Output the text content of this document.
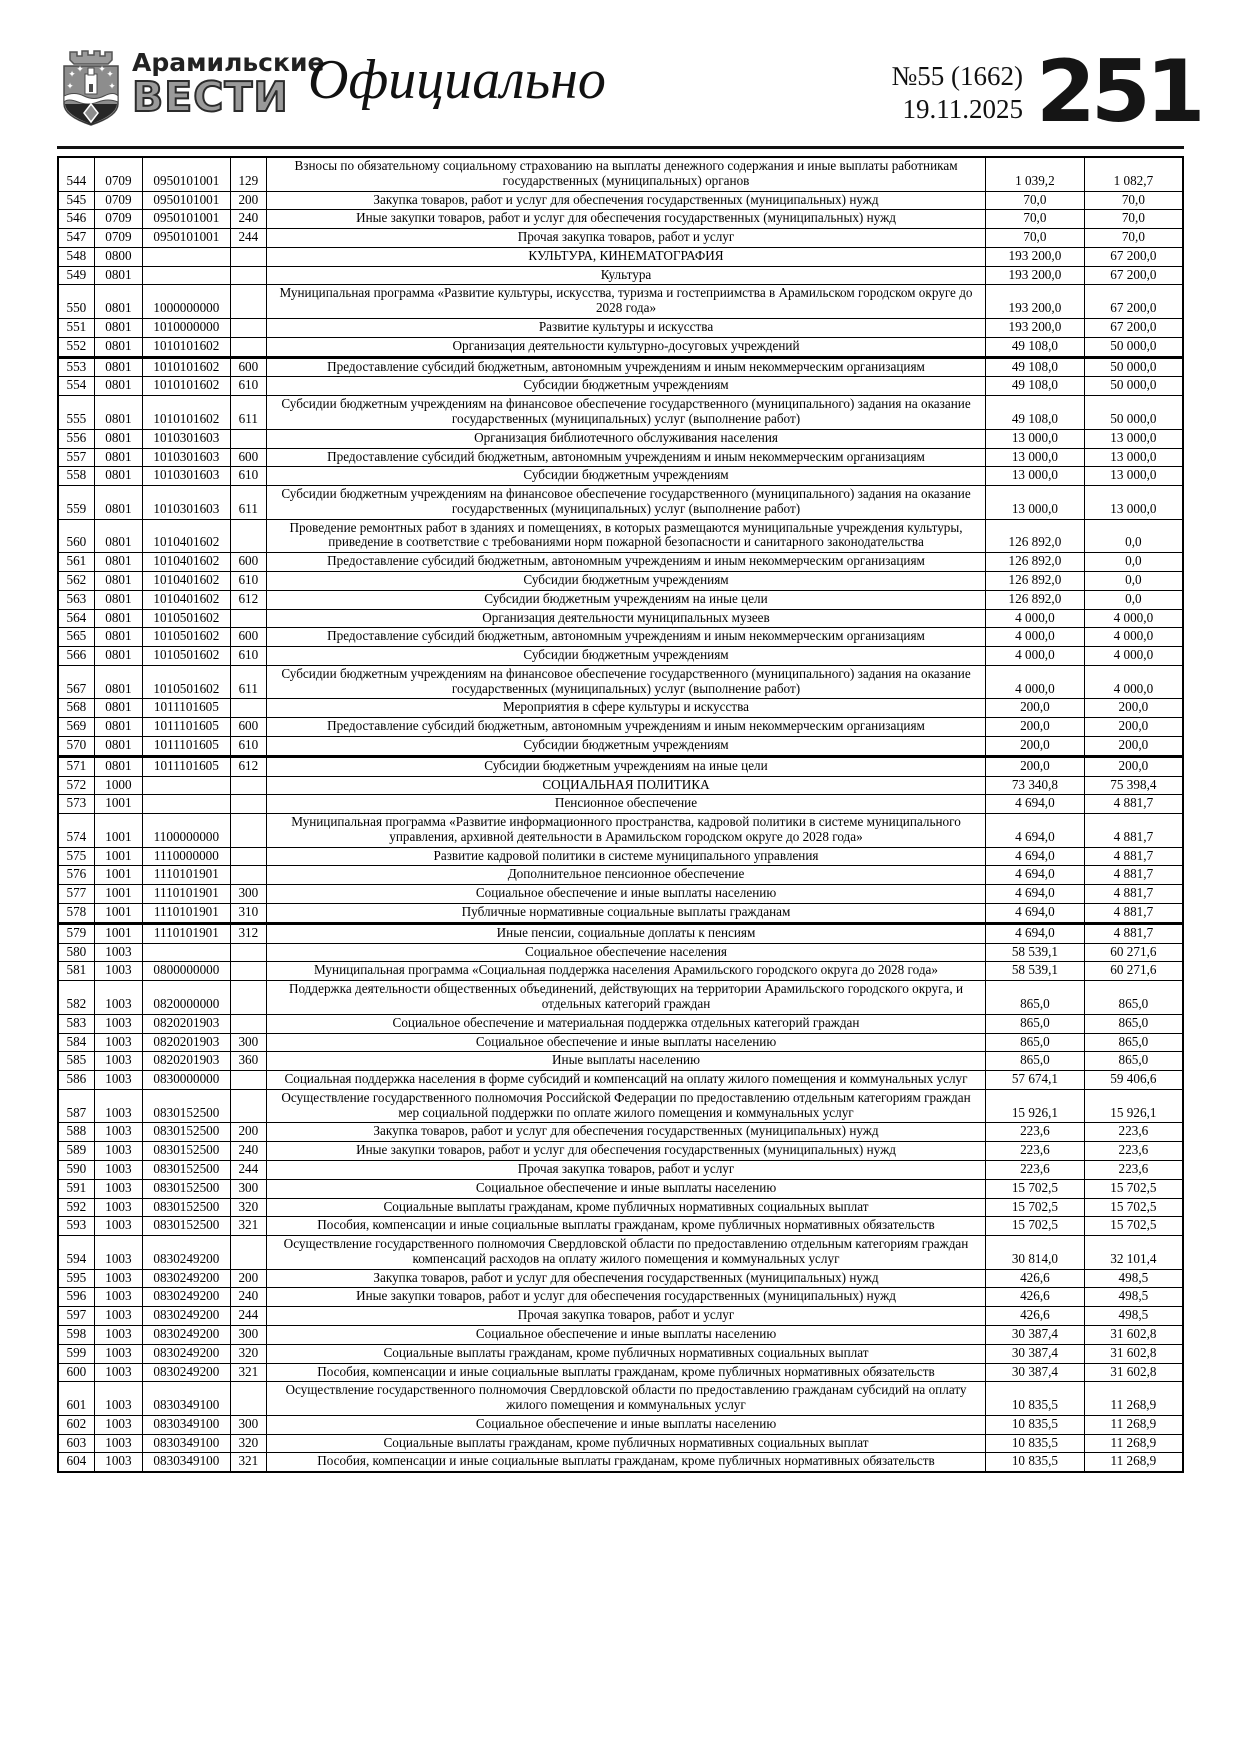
✦	✦
✦	✦
✦ ✦ Арамильские
ВЕСТИ Официально	№55 (1662)
19.11.2025 251
544	0709	0950101001	129	Взносы по обязательному социальному страхованию на выплаты денежного содержания и иные выплаты работникам государственных (муниципальных) органов	1 039,2	1 082,7
545	0709	0950101001	200	Закупка товаров, работ и услуг для обеспечения государственных (муниципальных) нужд	70,0	70,0
546	0709	0950101001	240	Иные закупки товаров, работ и услуг для обеспечения государственных (муниципальных) нужд	70,0	70,0
547	0709	0950101001	244	Прочая закупка товаров, работ и услуг	70,0	70,0
548	0800			КУЛЬТУРА, КИНЕМАТОГРАФИЯ	193 200,0	67 200,0
549	0801			Культура	193 200,0	67 200,0
550	0801	1000000000		Муниципальная программа «Развитие культуры, искусства, туризма и гостеприимства в Арамильском городском округе до 2028 года»	193 200,0	67 200,0
551	0801	1010000000		Развитие культуры и искусства	193 200,0	67 200,0
552	0801	1010101602		Организация деятельности культурно-досуговых учреждений	49 108,0	50 000,0
553	0801	1010101602	600	Предоставление субсидий бюджетным, автономным учреждениям и иным некоммерческим организациям	49 108,0	50 000,0
554	0801	1010101602	610	Субсидии бюджетным учреждениям	49 108,0	50 000,0
555	0801	1010101602	611	Субсидии бюджетным учреждениям на финансовое обеспечение государственного (муниципального) задания на оказание государственных (муниципальных) услуг (выполнение работ)	49 108,0	50 000,0
556	0801	1010301603		Организация библиотечного обслуживания населения	13 000,0	13 000,0
557	0801	1010301603	600	Предоставление субсидий бюджетным, автономным учреждениям и иным некоммерческим организациям	13 000,0	13 000,0
558	0801	1010301603	610	Субсидии бюджетным учреждениям	13 000,0	13 000,0
559	0801	1010301603	611	Субсидии бюджетным учреждениям на финансовое обеспечение государственного (муниципального) задания на оказание государственных (муниципальных) услуг (выполнение работ)	13 000,0	13 000,0
560	0801	1010401602		Проведение ремонтных работ в зданиях и помещениях, в которых размещаются муниципальные учреждения культуры, приведение в соответствие с требованиями норм пожарной безопасности и санитарного законодательства	126 892,0	0,0
561	0801	1010401602	600	Предоставление субсидий бюджетным, автономным учреждениям и иным некоммерческим организациям	126 892,0	0,0
562	0801	1010401602	610	Субсидии бюджетным учреждениям	126 892,0	0,0
563	0801	1010401602	612	Субсидии бюджетным учреждениям на иные цели	126 892,0	0,0
564	0801	1010501602		Организация деятельности муниципальных музеев	4 000,0	4 000,0
565	0801	1010501602	600	Предоставление субсидий бюджетным, автономным учреждениям и иным некоммерческим организациям	4 000,0	4 000,0
566	0801	1010501602	610	Субсидии бюджетным учреждениям	4 000,0	4 000,0
567	0801	1010501602	611	Субсидии бюджетным учреждениям на финансовое обеспечение государственного (муниципального) задания на оказание государственных (муниципальных) услуг (выполнение работ)	4 000,0	4 000,0
568	0801	1011101605		Мероприятия в сфере культуры и искусства	200,0	200,0
569	0801	1011101605	600	Предоставление субсидий бюджетным, автономным учреждениям и иным некоммерческим организациям	200,0	200,0
570	0801	1011101605	610	Субсидии бюджетным учреждениям	200,0	200,0
571	0801	1011101605	612	Субсидии бюджетным учреждениям на иные цели	200,0	200,0
572	1000			СОЦИАЛЬНАЯ ПОЛИТИКА	73 340,8	75 398,4
573	1001			Пенсионное обеспечение	4 694,0	4 881,7
574	1001	1100000000		Муниципальная программа «Развитие информационного пространства, кадровой политики в системе муниципального управления, архивной деятельности в Арамильском городском округе до 2028 года»	4 694,0	4 881,7
575	1001	1110000000		Развитие кадровой политики в системе муниципального управления	4 694,0	4 881,7
576	1001	1110101901		Дополнительное пенсионное обеспечение	4 694,0	4 881,7
577	1001	1110101901	300	Социальное обеспечение и иные выплаты населению	4 694,0	4 881,7
578	1001	1110101901	310	Публичные нормативные социальные выплаты гражданам	4 694,0	4 881,7
579	1001	1110101901	312	Иные пенсии, социальные доплаты к пенсиям	4 694,0	4 881,7
580	1003			Социальное обеспечение населения	58 539,1	60 271,6
581	1003	0800000000		Муниципальная программа «Социальная поддержка населения Арамильского городского округа до 2028 года»	58 539,1	60 271,6
582	1003	0820000000		Поддержка деятельности общественных объединений, действующих на территории Арамильского городского округа, и отдельных категорий граждан	865,0	865,0
583	1003	0820201903		Социальное обеспечение и материальная поддержка отдельных категорий граждан	865,0	865,0
584	1003	0820201903	300	Социальное обеспечение и иные выплаты населению	865,0	865,0
585	1003	0820201903	360	Иные выплаты населению	865,0	865,0
586	1003	0830000000		Социальная поддержка населения в форме субсидий и компенсаций на оплату жилого помещения и коммунальных услуг	57 674,1	59 406,6
587	1003	0830152500		Осуществление государственного полномочия Российской Федерации по предоставлению отдельным категориям граждан мер социальной поддержки по оплате жилого помещения и коммунальных услуг	15 926,1	15 926,1
588	1003	0830152500	200	Закупка товаров, работ и услуг для обеспечения государственных (муниципальных) нужд	223,6	223,6
589	1003	0830152500	240	Иные закупки товаров, работ и услуг для обеспечения государственных (муниципальных) нужд	223,6	223,6
590	1003	0830152500	244	Прочая закупка товаров, работ и услуг	223,6	223,6
591	1003	0830152500	300	Социальное обеспечение и иные выплаты населению	15 702,5	15 702,5
592	1003	0830152500	320	Социальные выплаты гражданам, кроме публичных нормативных социальных выплат	15 702,5	15 702,5
593	1003	0830152500	321	Пособия, компенсации и иные социальные выплаты гражданам, кроме публичных нормативных обязательств	15 702,5	15 702,5
594	1003	0830249200		Осуществление государственного полномочия Свердловской области по предоставлению отдельным категориям граждан компенсаций расходов на оплату жилого помещения и коммунальных услуг	30 814,0	32 101,4
595	1003	0830249200	200	Закупка товаров, работ и услуг для обеспечения государственных (муниципальных) нужд	426,6	498,5
596	1003	0830249200	240	Иные закупки товаров, работ и услуг для обеспечения государственных (муниципальных) нужд	426,6	498,5
597	1003	0830249200	244	Прочая закупка товаров, работ и услуг	426,6	498,5
598	1003	0830249200	300	Социальное обеспечение и иные выплаты населению	30 387,4	31 602,8
599	1003	0830249200	320	Социальные выплаты гражданам, кроме публичных нормативных социальных выплат	30 387,4	31 602,8
600	1003	0830249200	321	Пособия, компенсации и иные социальные выплаты гражданам, кроме публичных нормативных обязательств	30 387,4	31 602,8
601	1003	0830349100		Осуществление государственного полномочия Свердловской области по предоставлению гражданам субсидий на оплату жилого помещения и коммунальных услуг	10 835,5	11 268,9
602	1003	0830349100	300	Социальное обеспечение и иные выплаты населению	10 835,5	11 268,9
603	1003	0830349100	320	Социальные выплаты гражданам, кроме публичных нормативных социальных выплат	10 835,5	11 268,9
604	1003	0830349100	321	Пособия, компенсации и иные социальные выплаты гражданам, кроме публичных нормативных обязательств	10 835,5	11 268,9
